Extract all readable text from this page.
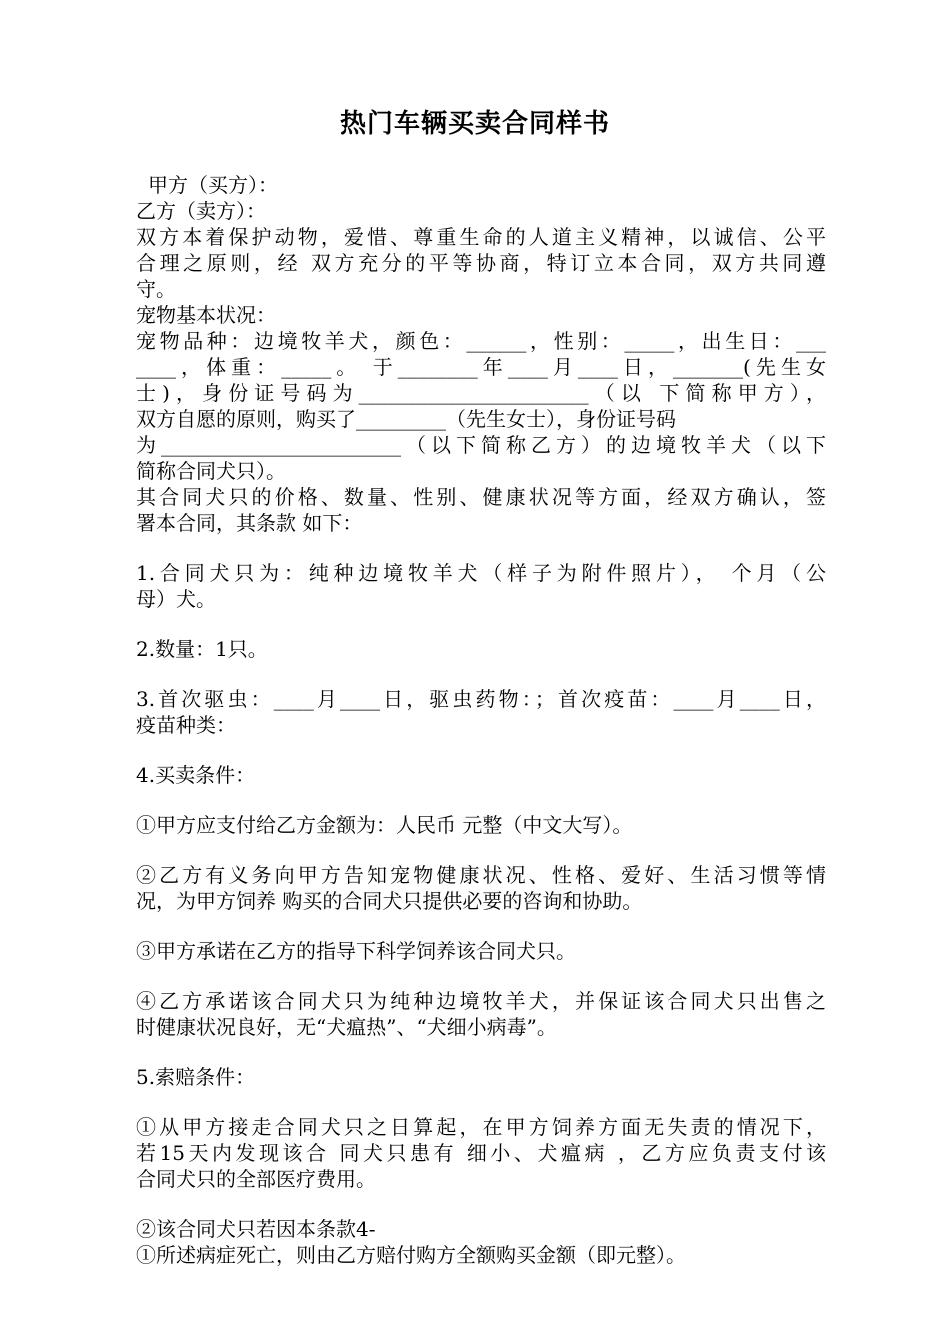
热门车辆买卖合同样书
甲方（买方）：
乙方（卖方）：
双方本着保护动物，爱惜、尊重生命的人道主义精神，以诚信、公平
合理之原则，经 双方充分的平等协商，特订立本合同，双方共同遵
守。
宠物基本状况：
宠物品种：边境牧羊犬，颜色：______，性别：_____，出生日：___
____，体重：_____。 于________年____月____日，_______(先生女
士)，身份证号码为_______________________（以 下简称甲方），
双方自愿的原则，购买了_________（先生女士），身份证号码
为________________________（以下简称乙方）的边境牧羊犬（以下
简称合同犬只）。
其合同犬只的价格、数量、性别、健康状况等方面，经双方确认，签
署本合同，其条款 如下：
1.合同犬只为：纯种边境牧羊犬（样子为附件照片）， 个月（公
母）犬。
2.数量：1只。
3.首次驱虫：____月____日，驱虫药物：；首次疫苗：____月____日，
疫苗种类：
4.买卖条件：
①甲方应支付给乙方金额为：人民币 元整（中文大写）。
②乙方有义务向甲方告知宠物健康状况、性格、爱好、生活习惯等情
况，为甲方饲养 购买的合同犬只提供必要的咨询和协助。
③甲方承诺在乙方的指导下科学饲养该合同犬只。
④乙方承诺该合同犬只为纯种边境牧羊犬，并保证该合同犬只出售之
时健康状况良好，无“犬瘟热”、“犬细小病毒”。
5.索赔条件：
①从甲方接走合同犬只之日算起，在甲方饲养方面无失责的情况下，
若15天内发现该合 同犬只患有 细小、犬瘟病 ，乙方应负责支付该
合同犬只的全部医疗费用。
②该合同犬只若因本条款4-
①所述病症死亡，则由乙方赔付购方全额购买金额（即元整）。
